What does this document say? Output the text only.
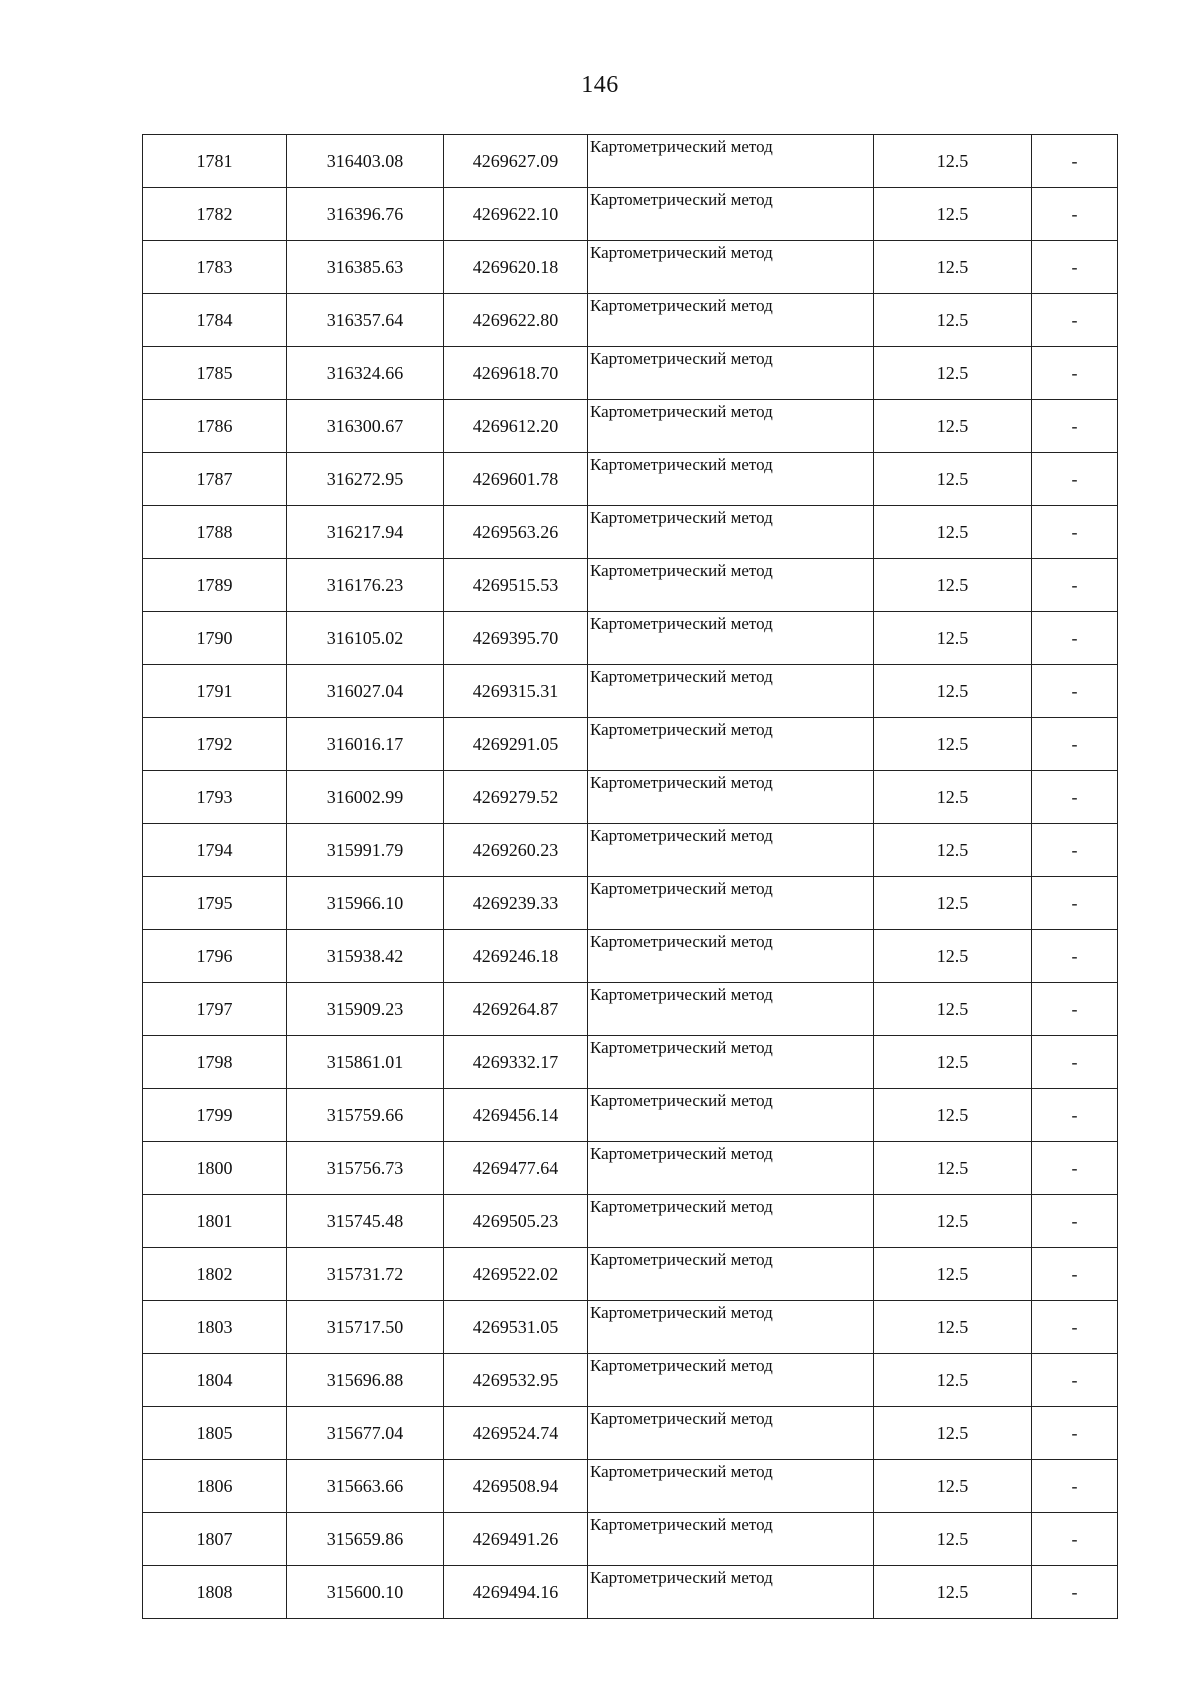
146
1781	316403.08	4269627.09	Картометрический метод	12.5	-
1782	316396.76	4269622.10	Картометрический метод	12.5	-
1783	316385.63	4269620.18	Картометрический метод	12.5	-
1784	316357.64	4269622.80	Картометрический метод	12.5	-
1785	316324.66	4269618.70	Картометрический метод	12.5	-
1786	316300.67	4269612.20	Картометрический метод	12.5	-
1787	316272.95	4269601.78	Картометрический метод	12.5	-
1788	316217.94	4269563.26	Картометрический метод	12.5	-
1789	316176.23	4269515.53	Картометрический метод	12.5	-
1790	316105.02	4269395.70	Картометрический метод	12.5	-
1791	316027.04	4269315.31	Картометрический метод	12.5	-
1792	316016.17	4269291.05	Картометрический метод	12.5	-
1793	316002.99	4269279.52	Картометрический метод	12.5	-
1794	315991.79	4269260.23	Картометрический метод	12.5	-
1795	315966.10	4269239.33	Картометрический метод	12.5	-
1796	315938.42	4269246.18	Картометрический метод	12.5	-
1797	315909.23	4269264.87	Картометрический метод	12.5	-
1798	315861.01	4269332.17	Картометрический метод	12.5	-
1799	315759.66	4269456.14	Картометрический метод	12.5	-
1800	315756.73	4269477.64	Картометрический метод	12.5	-
1801	315745.48	4269505.23	Картометрический метод	12.5	-
1802	315731.72	4269522.02	Картометрический метод	12.5	-
1803	315717.50	4269531.05	Картометрический метод	12.5	-
1804	315696.88	4269532.95	Картометрический метод	12.5	-
1805	315677.04	4269524.74	Картометрический метод	12.5	-
1806	315663.66	4269508.94	Картометрический метод	12.5	-
1807	315659.86	4269491.26	Картометрический метод	12.5	-
1808	315600.10	4269494.16	Картометрический метод	12.5	-
